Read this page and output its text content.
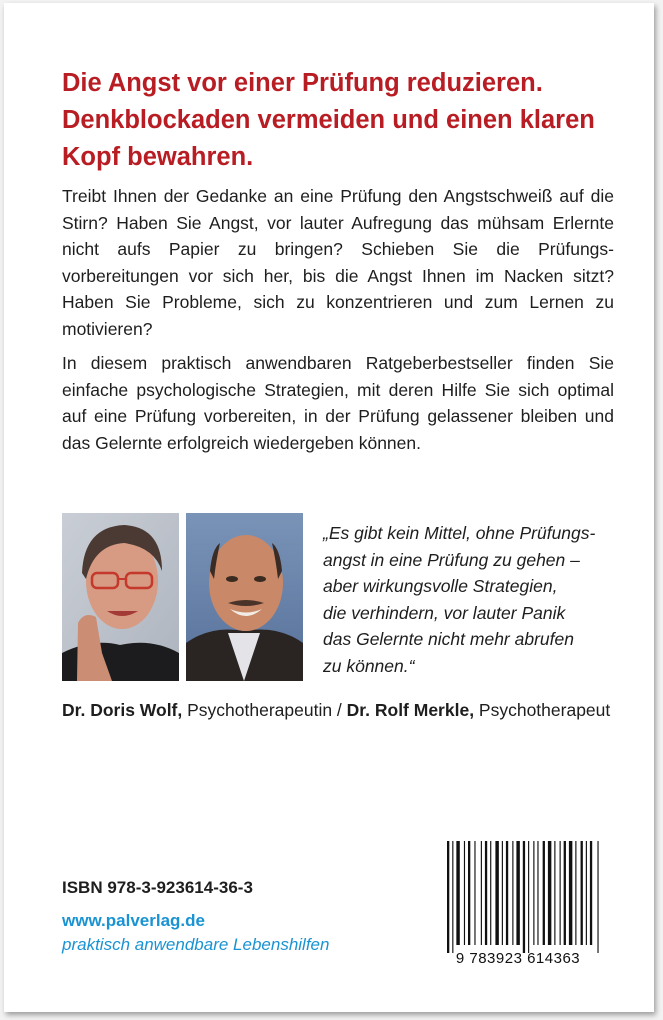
Die Angst vor einer Prüfung reduzieren.
Denkblockaden vermeiden und einen klaren
Kopf bewahren.

Treibt Ihnen der Gedanke an eine Prüfung den Angstschweiß auf die Stirn? Haben Sie Angst, vor lauter Aufregung das mühsam Erlernte nicht aufs Papier zu bringen? Schieben Sie die Prüfungsvorbereitungen vor sich her, bis die Angst Ihnen im Nacken sitzt? Haben Sie Probleme, sich zu konzentrieren und zum Lernen zu motivieren?

In diesem praktisch anwendbaren Ratgeberbestseller finden Sie einfache psychologische Strategien, mit deren Hilfe Sie sich optimal auf eine Prüfung vorbereiten, in der Prüfung gelassener bleiben und das Gelernte erfolgreich wiedergeben können.

„Es gibt kein Mittel, ohne Prüfungs-
angst in eine Prüfung zu gehen –
aber wirkungsvolle Strategien,
die verhindern, vor lauter Panik
das Gelernte nicht mehr abrufen
zu können.“

Dr. Doris Wolf, Psychotherapeutin / Dr. Rolf Merkle, Psychotherapeut
ISBN 978-3-923614-36-3
www.palverlag.de
praktisch anwendbare Lebenshilfen
9 783923 614363
